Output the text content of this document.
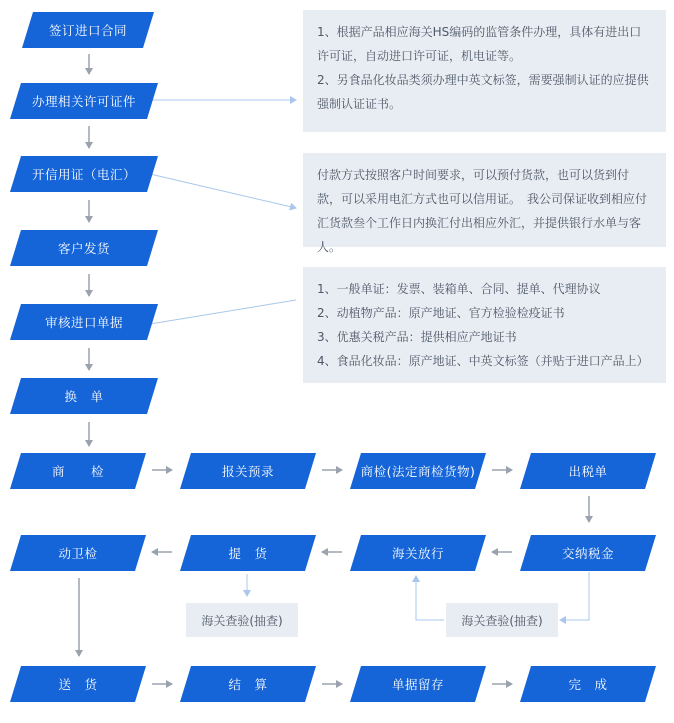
签订进口合同
办理相关许可证件
开信用证（电汇）
客户发货
审核进口单据
换　单
商　　检	报关预录	商检(法定商检货物)	出税单
交纳税金
海关放行
提　货
动卫检
海关查验(抽查)	海关查验(抽查)
送　货	结　算	单据留存	完　成

1、根据产品相应海关HS编码的监管条件办理，具体有进出口许可证，自动进口许可证，机电证等。

2、另食品化妆品类须办理中英文标签，需要强制认证的应提供强制认证证书。

付款方式按照客户时间要求，可以预付货款，也可以货到付款，可以采用电汇方式也可以信用证。　我公司保证收到相应付汇货款叁个工作日内换汇付出相应外汇，并提供银行水单与客人。

1、一般单证：发票、装箱单、合同、提单、代理协议

2、动植物产品：原产地证、官方检验检疫证书

3、优惠关税产品：提供相应产地证书

4、食品化妆品：原产地证、中英文标签（并贴于进口产品上）
